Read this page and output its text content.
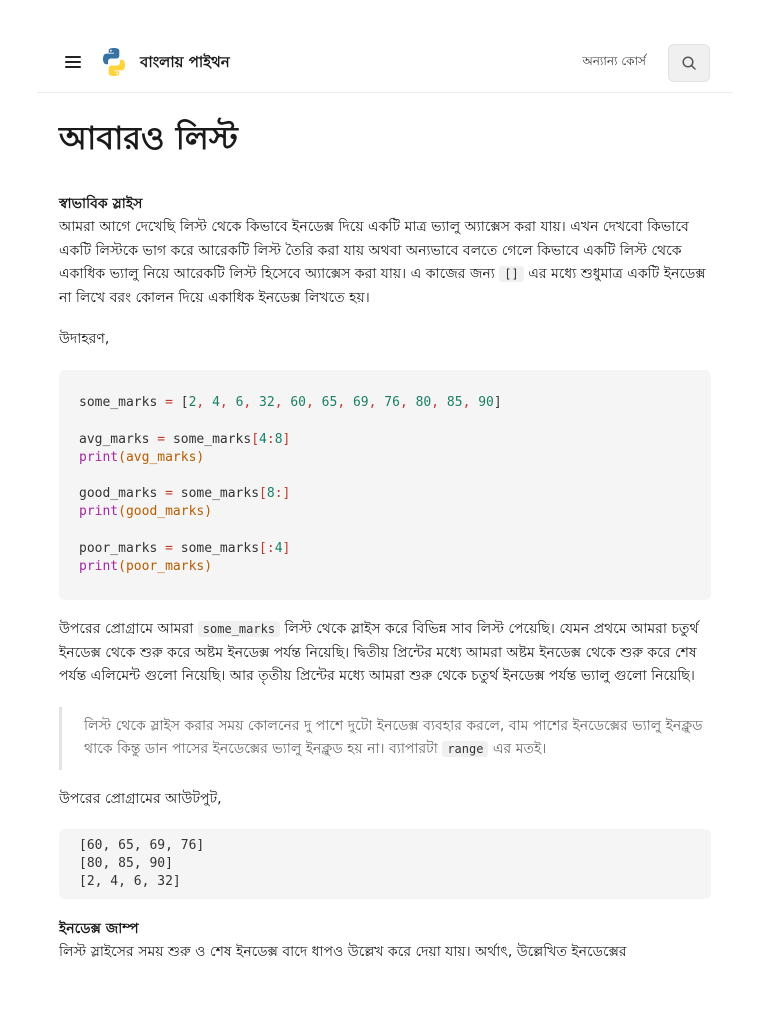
বাংলায় পাইথন	অন্যান্য কোর্স
আবারও লিস্ট
স্বাভাবিক স্লাইস

আমরা আগে দেখেছি লিস্ট থেকে কিভাবে ইনডেক্স দিয়ে একটি মাত্র ভ্যালু অ্যাক্সেস করা যায়। এখন দেখবো কিভাবে একটি লিস্টকে ভাগ করে আরেকটি লিস্ট তৈরি করা যায় অথবা অন্যভাবে বলতে গেলে কিভাবে একটি লিস্ট থেকে একাধিক ভ্যালু নিয়ে আরেকটি লিস্ট হিসেবে অ্যাক্সেস করা যায়। এ কাজের জন্য [] এর মধ্যে শুধুমাত্র একটি ইনডেক্স না লিখে বরং কোলন দিয়ে একাধিক ইনডেক্স লিখতে হয়।

উদাহরণ,

some_marks = [2, 4, 6, 32, 60, 65, 69, 76, 80, 85, 90]
avg_marks = some_marks[4:8]
print(avg_marks)
good_marks = some_marks[8:]
print(good_marks)
poor_marks = some_marks[:4]
print(poor_marks)

উপরের প্রোগ্রামে আমরা some_marks লিস্ট থেকে স্লাইস করে বিভিন্ন সাব লিস্ট পেয়েছি। যেমন প্রথমে আমরা চতুর্থ ইনডেক্স থেকে শুরু করে অষ্টম ইনডেক্স পর্যন্ত নিয়েছি। দ্বিতীয় প্রিন্টের মধ্যে আমরা অষ্টম ইনডেক্স থেকে শুরু করে শেষ পর্যন্ত এলিমেন্ট গুলো নিয়েছি। আর তৃতীয় প্রিন্টের মধ্যে আমরা শুরু থেকে চতুর্থ ইনডেক্স পর্যন্ত ভ্যালু গুলো নিয়েছি।

লিস্ট থেকে স্লাইস করার সময় কোলনের দু পাশে দুটো ইনডেক্স ব্যবহার করলে, বাম পাশের ইনডেক্সের ভ্যালু ইনক্লুড থাকে কিন্তু ডান পাসের ইনডেক্সের ভ্যালু ইনক্লুড হয় না। ব্যাপারটা range এর মতই।

উপরের প্রোগ্রামের আউটপুট,

[60, 65, 69, 76]
[80, 85, 90]
[2, 4, 6, 32]
ইনডেক্স জাম্প

লিস্ট স্লাইসের সময় শুরু ও শেষ ইনডেক্স বাদে ধাপও উল্লেখ করে দেয়া যায়। অর্থাৎ, উল্লেখিত ইনডেক্সের
